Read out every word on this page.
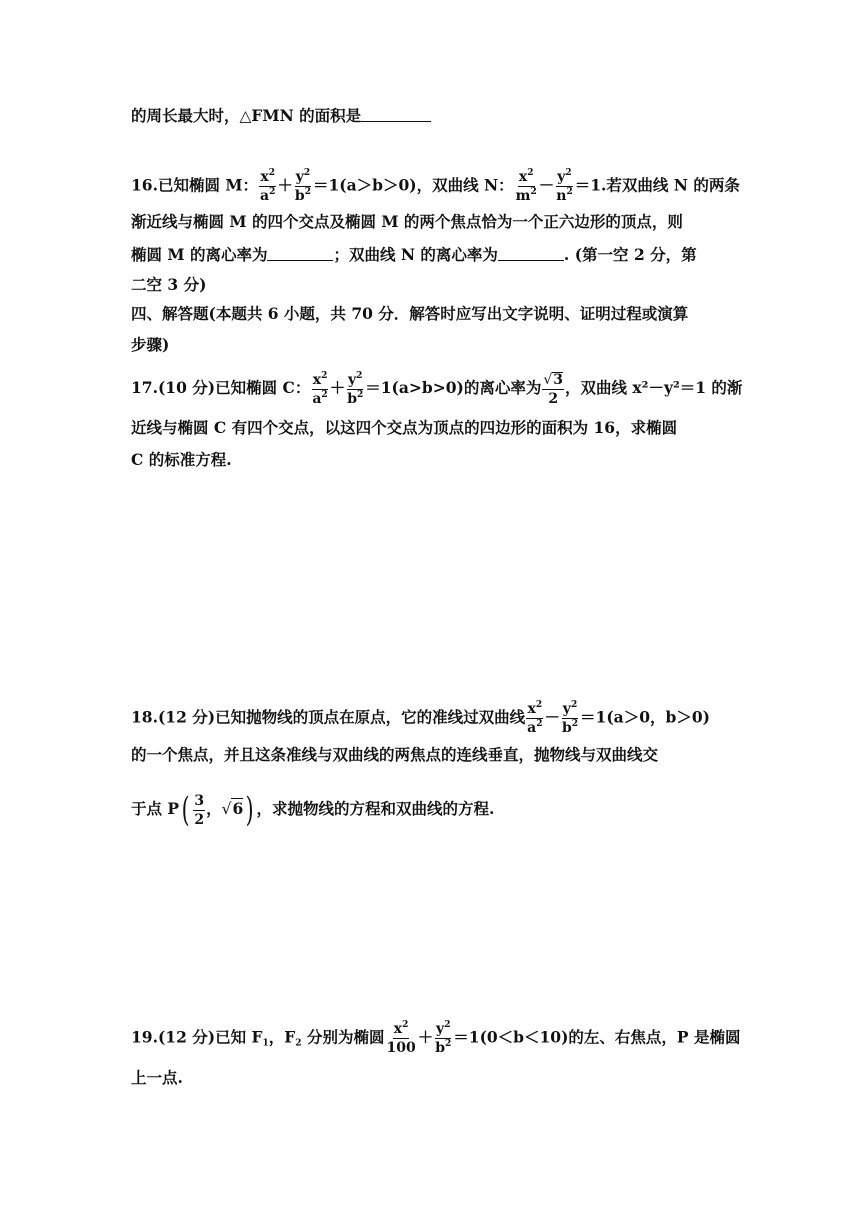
的周长最大时，△FMN 的面积是
16.已知椭圆 M： $\frac{x^2}{a^2} + \frac{y^2}{b^2} =1(a>b>0)$，双曲线 N： $\frac{x^2}{m^2} - \frac{y^2}{n^2} =1$.若双曲线 N 的两条
渐近线与椭圆 M 的四个交点及椭圆 M 的两个焦点恰为一个正六边形的顶点，则
椭圆 M 的离心率为	；双曲线 N 的离心率为	. (第一空 2 分，第
二空 3 分)
四、解答题(本题共 6 小题，共 70 分．解答时应写出文字说明、证明过程或演算
步骤)
17.(10 分)已知椭圆 C： $\frac{x^2}{a^2} + \frac{y^2}{b^2} =1(a>b>0)$的离心率为 $\frac{√3}{2}$ ，双曲线 x²－y²＝1 的渐
近线与椭圆 C 有四个交点，以这四个交点为顶点的四边形的面积为 16，求椭圆
C 的标准方程.
18.(12 分)已知抛物线的顶点在原点，它的准线过双曲线 $\frac{x^2}{a^2} - \frac{y^2}{b^2} =1(a>0$，b＞0)
的一个焦点，并且这条准线与双曲线的两焦点的连线垂直，抛物线与双曲线交
于点 $P( \frac{3}{2}$ ，√6) ，求抛物线的方程和双曲线的方程.
19.(12 分)已知 $F_1$，$F_2$ 分别为椭圆 $\frac{x^2}{100} + \frac{y^2}{b^2} =1(0<b<10)$的左、右焦点，P 是椭圆
上一点.
